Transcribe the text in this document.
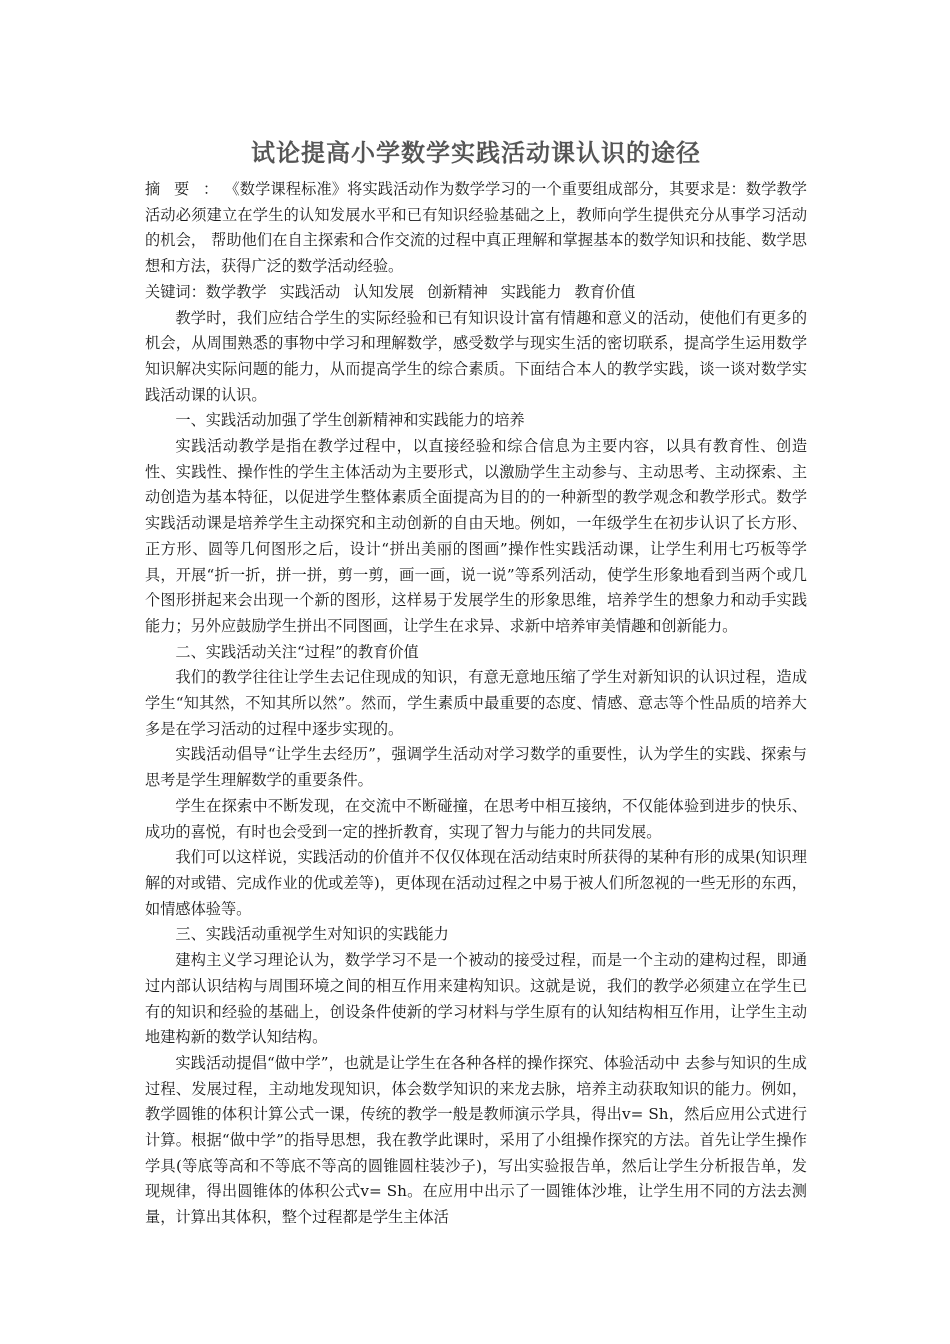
试论提高小学数学实践活动课认识的途径

摘要：《数学课程标准》将实践活动作为数学学习的一个重要组成部分，其要求是：数学教学活动必须建立在学生的认知发展水平和已有知识经验基础之上，教师向学生提供充分从事学习活动的机会， 帮助他们在自主探索和合作交流的过程中真正理解和掌握基本的数学知识和技能、数学思想和方法，获得广泛的数学活动经验。

关键词：数学教学 实践活动 认知发展 创新精神 实践能力 教育价值

教学时，我们应结合学生的实际经验和已有知识设计富有情趣和意义的活动，使他们有更多的机会，从周围熟悉的事物中学习和理解数学，感受数学与现实生活的密切联系，提高学生运用数学知识解决实际问题的能力，从而提高学生的综合素质。下面结合本人的教学实践，谈一谈对数学实践活动课的认识。

一、实践活动加强了学生创新精神和实践能力的培养

实践活动教学是指在教学过程中，以直接经验和综合信息为主要内容，以具有教育性、创造性、实践性、操作性的学生主体活动为主要形式，以激励学生主动参与、主动思考、主动探索、主动创造为基本特征，以促进学生整体素质全面提高为目的的一种新型的教学观念和教学形式。数学实践活动课是培养学生主动探究和主动创新的自由天地。例如，一年级学生在初步认识了长方形、正方形、圆等几何图形之后，设计“拼出美丽的图画”操作性实践活动课，让学生利用七巧板等学具，开展“折一折，拼一拼，剪一剪，画一画，说一说”等系列活动，使学生形象地看到当两个或几个图形拼起来会出现一个新的图形，这样易于发展学生的形象思维，培养学生的想象力和动手实践能力；另外应鼓励学生拼出不同图画，让学生在求异、求新中培养审美情趣和创新能力。

二、实践活动关注“过程”的教育价值

我们的教学往往让学生去记住现成的知识，有意无意地压缩了学生对新知识的认识过程，造成学生“知其然，不知其所以然”。然而，学生素质中最重要的态度、情感、意志等个性品质的培养大多是在学习活动的过程中逐步实现的。

实践活动倡导“让学生去经历”，强调学生活动对学习数学的重要性，认为学生的实践、探索与思考是学生理解数学的重要条件。

学生在探索中不断发现，在交流中不断碰撞，在思考中相互接纳，不仅能体验到进步的快乐、成功的喜悦，有时也会受到一定的挫折教育，实现了智力与能力的共同发展。

我们可以这样说，实践活动的价值并不仅仅体现在活动结束时所获得的某种有形的成果(知识理解的对或错、完成作业的优或差等)，更体现在活动过程之中易于被人们所忽视的一些无形的东西，如情感体验等。

三、实践活动重视学生对知识的实践能力

建构主义学习理论认为，数学学习不是一个被动的接受过程，而是一个主动的建构过程，即通过内部认识结构与周围环境之间的相互作用来建构知识。这就是说，我们的教学必须建立在学生已有的知识和经验的基础上，创设条件使新的学习材料与学生原有的认知结构相互作用，让学生主动地建构新的数学认知结构。

实践活动提倡“做中学”，也就是让学生在各种各样的操作探究、体验活动中 去参与知识的生成过程、发展过程，主动地发现知识，体会数学知识的来龙去脉，培养主动获取知识的能力。例如，教学圆锥的体积计算公式一课，传统的教学一般是教师演示学具，得出v= Sh，然后应用公式进行计算。根据“做中学”的指导思想，我在教学此课时，采用了小组操作探究的方法。首先让学生操作学具(等底等高和不等底不等高的圆锥圆柱装沙子)，写出实验报告单，然后让学生分析报告单，发现规律，得出圆锥体的体积公式v= Sh。在应用中出示了一圆锥体沙堆，让学生用不同的方法去测量，计算出其体积，整个过程都是学生主体活
